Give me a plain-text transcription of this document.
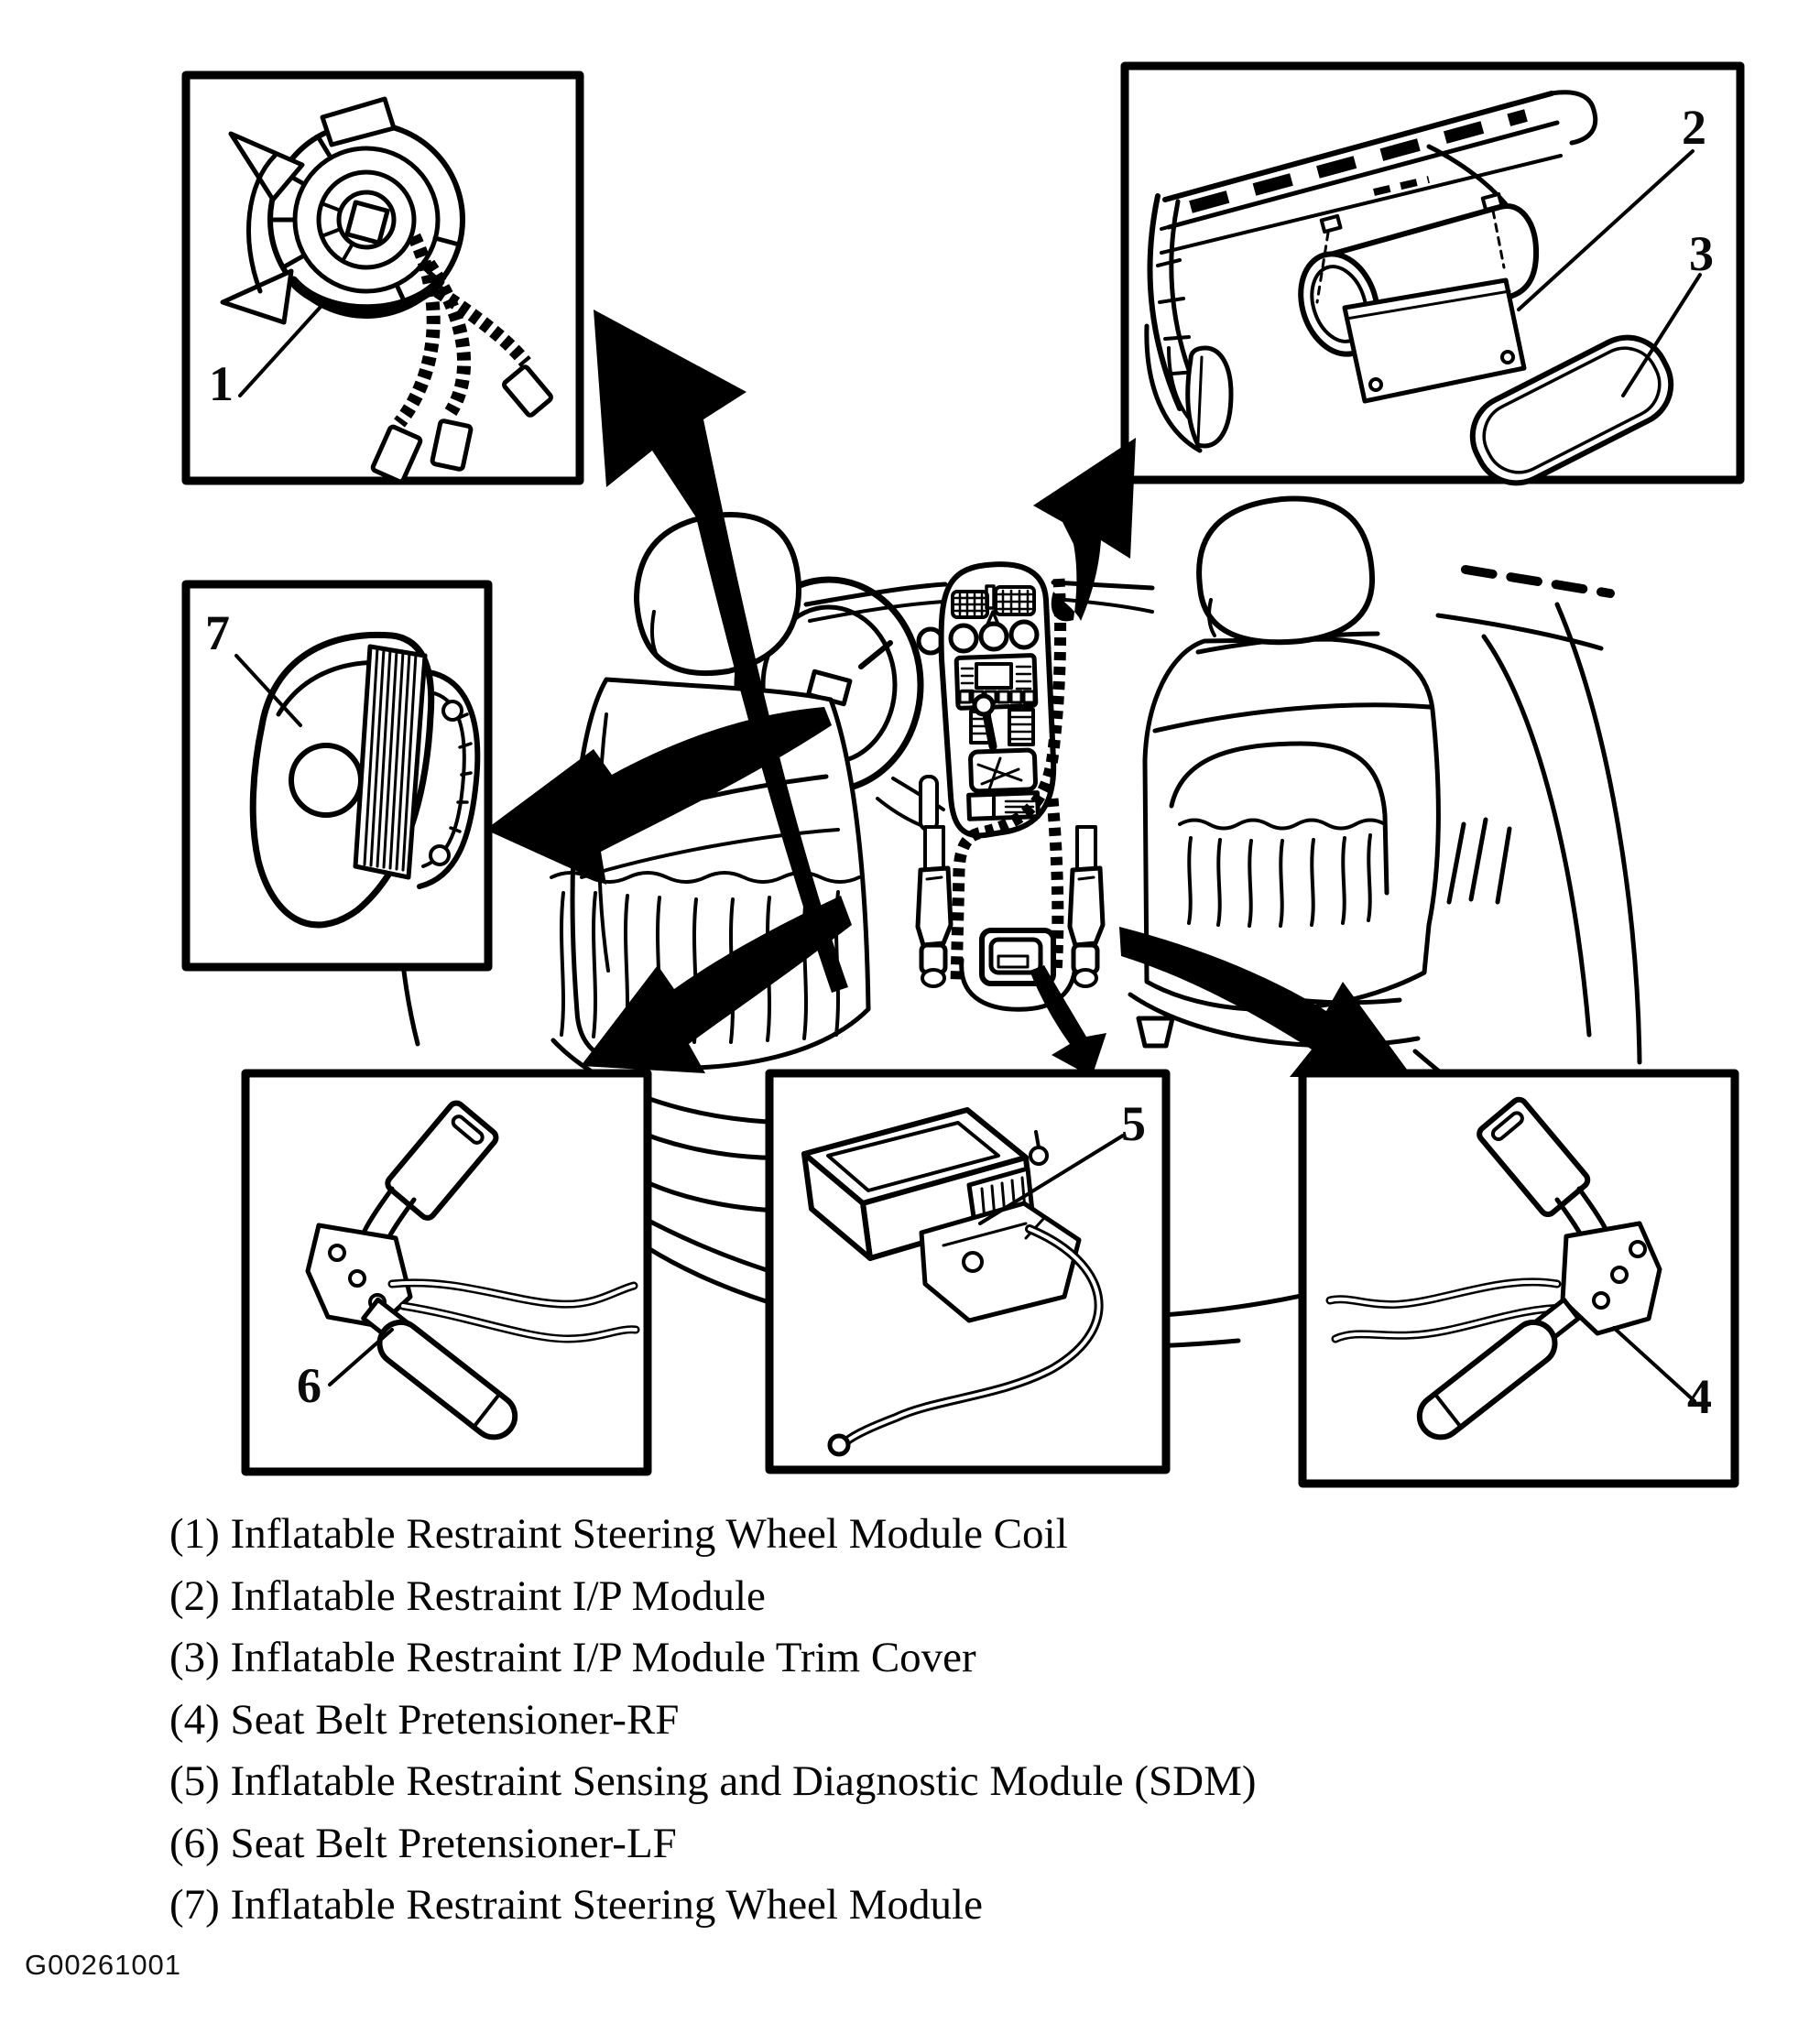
1
2
3
4
5
6
7
(1) Inflatable Restraint Steering Wheel Module Coil
(2) Inflatable Restraint I/P Module
(3) Inflatable Restraint I/P Module Trim Cover
(4) Seat Belt Pretensioner-RF
(5) Inflatable Restraint Sensing and Diagnostic Module (SDM)
(6) Seat Belt Pretensioner-LF
(7) Inflatable Restraint Steering Wheel Module
G00261001
